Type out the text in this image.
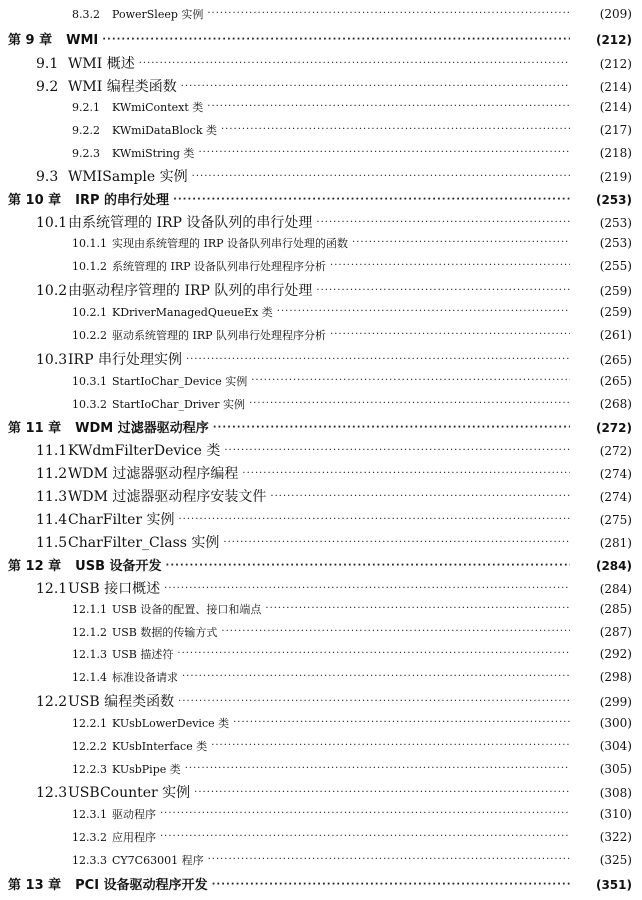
8.3.2	PowerSleep 实例 ·····	(209)
第 9 章 WMI ·····	(212)
9.1 WMI 概述 ·····	(212)
9.2 WMI 编程类函数 ·····	(214)
9.2.1	KWmiContext 类 ·····	(214)
9.2.2	KWmiDataBlock 类 ·····	(217)
9.2.3	KWmiString 类 ·····	(218)
9.3 WMISample 实例 ·····	(219)
第 10 章 IRP 的串行处理 ·····	(253)
10.1 由系统管理的 IRP 设备队列的串行处理 ·····	(253)
10.1.1 实现由系统管理的 IRP 设备队列串行处理的函数 ·····	(253)
10.1.2 系统管理的 IRP 设备队列串行处理程序分析 ·····	(255)
10.2 由驱动程序管理的 IRP 队列的串行处理 ·····	(259)
10.2.1 KDriverManagedQueueEx 类 ·····	(259)
10.2.2 驱动系统管理的 IRP 队列串行处理程序分析 ·····	(261)
10.3 IRP 串行处理实例 ·····	(265)
10.3.1 StartIoChar_Device 实例 ·····	(265)
10.3.2 StartIoChar_Driver 实例 ·····	(268)
第 11 章 WDM 过滤器驱动程序 ·····	(272)
11.1 KWdmFilterDevice 类 ·····	(272)
11.2 WDM 过滤器驱动程序编程 ·····	(274)
11.3 WDM 过滤器驱动程序安装文件 ·····	(274)
11.4 CharFilter 实例 ·····	(275)
11.5 CharFilter_Class 实例 ·····	(281)
第 12 章 USB 设备开发 ·····	(284)
12.1 USB 接口概述 ·····	(284)
12.1.1 USB 设备的配置、接口和端点 ·····	(285)
12.1.2 USB 数据的传输方式 ·····	(287)
12.1.3 USB 描述符 ·····	(292)
12.1.4 标准设备请求 ·····	(298)
12.2 USB 编程类函数 ·····	(299)
12.2.1 KUsbLowerDevice 类 ·····	(300)
12.2.2 KUsbInterface 类 ·····	(304)
12.2.3 KUsbPipe 类 ·····	(305)
12.3 USBCounter 实例 ·····	(308)
12.3.1 驱动程序 ·····	(310)
12.3.2 应用程序 ·····	(322)
12.3.3 CY7C63001 程序 ·····	(325)
第 13 章 PCI 设备驱动程序开发 ·····	(351)
